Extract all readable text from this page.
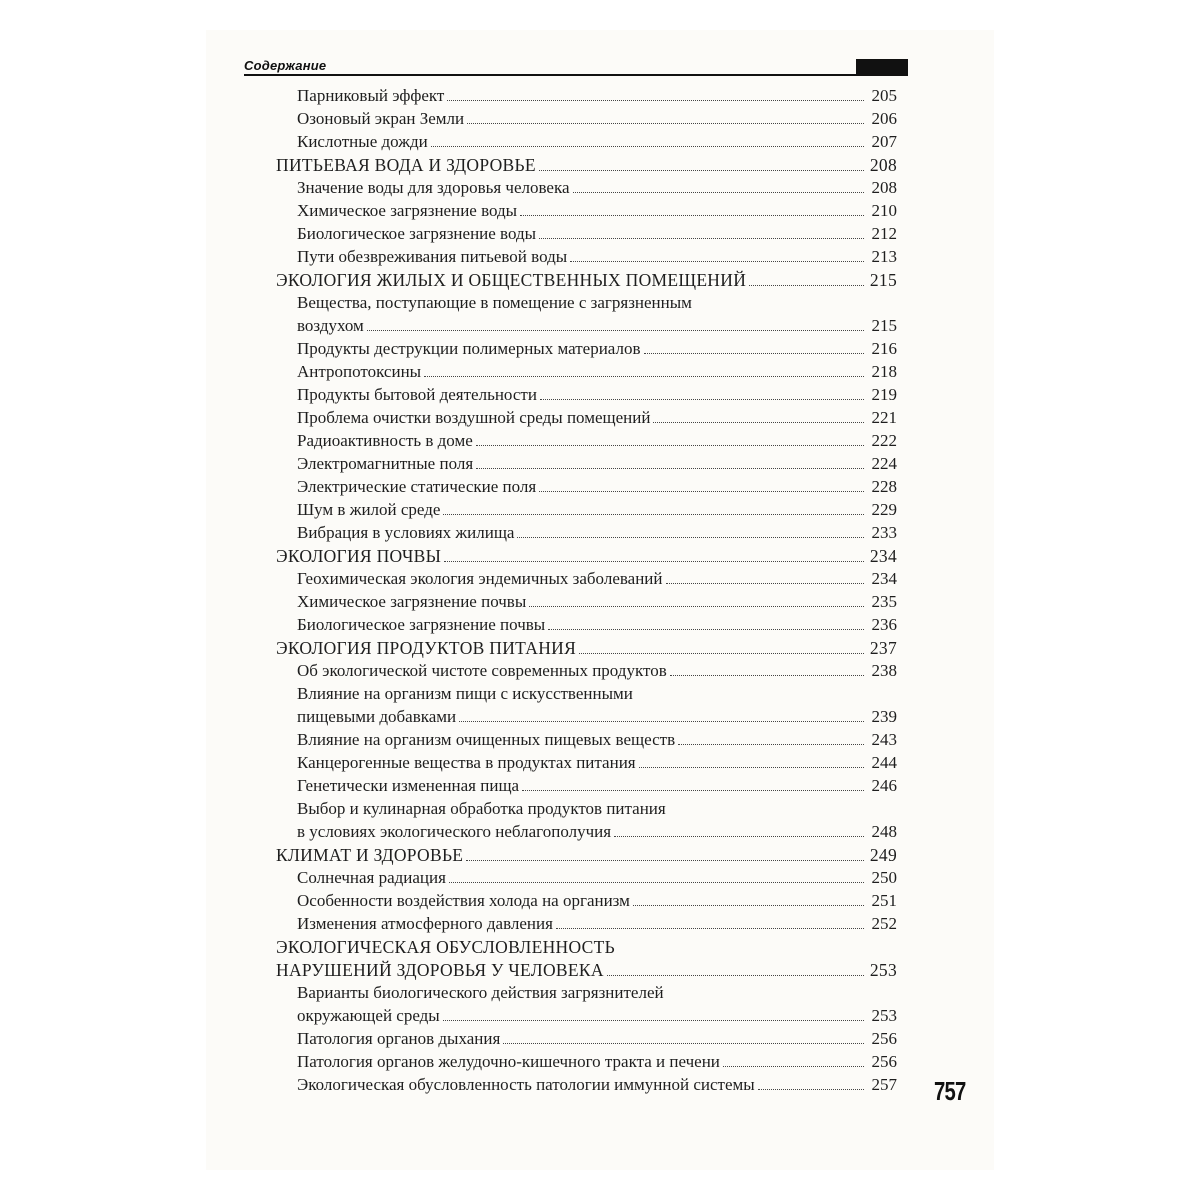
Содержание
Парниковый эффект	205
Озоновый экран Земли	206
Кислотные дожди	207
ПИТЬЕВАЯ ВОДА И ЗДОРОВЬЕ	208
Значение воды для здоровья человека	208
Химическое загрязнение воды	210
Биологическое загрязнение воды	212
Пути обезвреживания питьевой воды	213
ЭКОЛОГИЯ ЖИЛЫХ И ОБЩЕСТВЕННЫХ ПОМЕЩЕНИЙ	215
Вещества, поступающие в помещение с загрязненным
воздухом	215
Продукты деструкции полимерных материалов	216
Антропотоксины	218
Продукты бытовой деятельности	219
Проблема очистки воздушной среды помещений	221
Радиоактивность в доме	222
Электромагнитные поля	224
Электрические статические поля	228
Шум в жилой среде	229
Вибрация в условиях жилища	233
ЭКОЛОГИЯ ПОЧВЫ	234
Геохимическая экология эндемичных заболеваний	234
Химическое загрязнение почвы	235
Биологическое загрязнение почвы	236
ЭКОЛОГИЯ ПРОДУКТОВ ПИТАНИЯ	237
Об экологической чистоте современных продуктов	238
Влияние на организм пищи с искусственными
пищевыми добавками	239
Влияние на организм очищенных пищевых веществ	243
Канцерогенные вещества в продуктах питания	244
Генетически измененная пища	246
Выбор и кулинарная обработка продуктов питания
в условиях экологического неблагополучия	248
КЛИМАТ И ЗДОРОВЬЕ	249
Солнечная радиация	250
Особенности воздействия холода на организм	251
Изменения атмосферного давления	252
ЭКОЛОГИЧЕСКАЯ ОБУСЛОВЛЕННОСТЬ
НАРУШЕНИЙ ЗДОРОВЬЯ У ЧЕЛОВЕКА	253
Варианты биологического действия загрязнителей
окружающей среды	253
Патология органов дыхания	256
Патология органов желудочно-кишечного тракта и печени	256
Экологическая обусловленность патологии иммунной системы	257 757
